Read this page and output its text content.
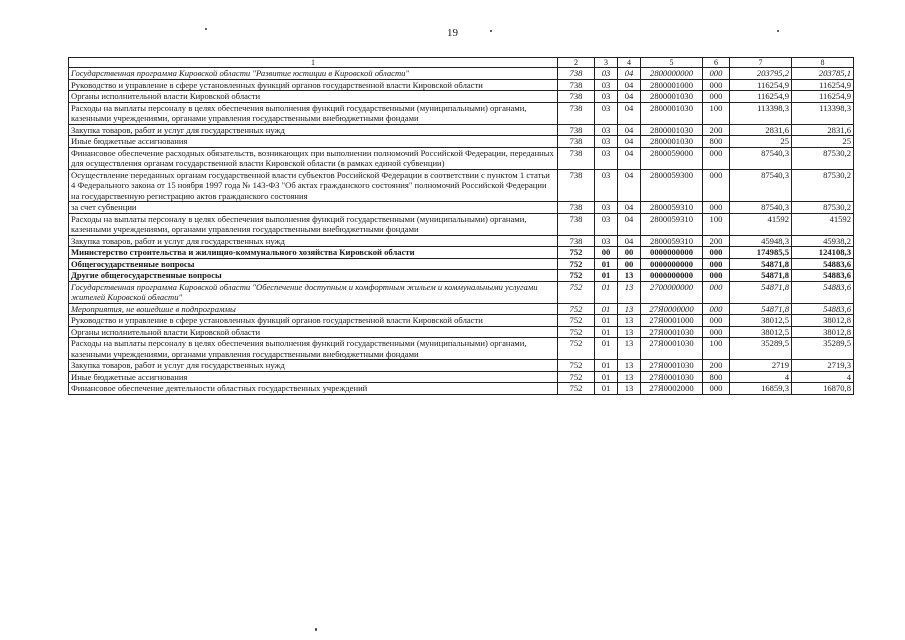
19
1	2	3	4	5	6	7	8
Государственная программа Кировской области "Развитие юстиции в Кировской области"	738	03	04	2800000000	000	203795,2	203785,1
Руководство и управление в сфере установленных функций органов государственной власти Кировской области	738	03	04	2800001000	000	116254,9	116254,9
Органы исполнительной власти Кировской области	738	03	04	2800001030	000	116254,9	116254,9
Расходы на выплаты персоналу в целях обеспечения выполнения функций государственными (муниципальными) органами, казенными учреждениями, органами управления государственными внебюджетными фондами	738	03	04	2800001030	100	113398,3	113398,3
Закупка товаров, работ и услуг для государственных нужд	738	03	04	2800001030	200	2831,6	2831,6
Иные бюджетные ассигнования	738	03	04	2800001030	800	25	25
Финансовое обеспечение расходных обязательств, возникающих при выполнении полномочий Российской Федерации, переданных для осуществления органам государственной власти Кировской области (в рамках единой субвенции)	738	03	04	2800059000	000	87540,3	87530,2
Осуществление переданных органам государственной власти субъектов Российской Федерации в соответствии с пунктом 1 статьи 4 Федерального закона от 15 ноября 1997 года № 143-ФЗ "Об актах гражданского состояния" полномочий Российской Федерации на государственную регистрацию актов гражданского состояния	738	03	04	2800059300	000	87540,3	87530,2
за счет субвенции	738	03	04	2800059310	000	87540,3	87530,2
Расходы на выплаты персоналу в целях обеспечения выполнения функций государственными (муниципальными) органами, казенными учреждениями, органами управления государственными внебюджетными фондами	738	03	04	2800059310	100	41592	41592
Закупка товаров, работ и услуг для государственных нужд	738	03	04	2800059310	200	45948,3	45938,2
Министерство строительства и жилищно-коммунального хозяйства Кировской области	752	00	00	0000000000	000	174985,5	124108,3
Общегосударственные вопросы	752	01	00	0000000000	000	54871,8	54883,6
Другие общегосударственные вопросы	752	01	13	0000000000	000	54871,8	54883,6
Государственная программа Кировской области "Обеспечение доступным и комфортным жильем и коммунальными услугами жителей Кировской области"	752	01	13	2700000000	000	54871,8	54883,6
Мероприятия, не вошедшие в подпрограммы	752	01	13	27Я0000000	000	54871,8	54883,6
Руководство и управление в сфере установленных функций органов государственной власти Кировской области	752	01	13	27Я0001000	000	38012,5	38012,8
Органы исполнительной власти Кировской области	752	01	13	27Я0001030	000	38012,5	38012,8
Расходы на выплаты персоналу в целях обеспечения выполнения функций государственными (муниципальными) органами, казенными учреждениями, органами управления государственными внебюджетными фондами	752	01	13	27Я0001030	100	35289,5	35289,5
Закупка товаров, работ и услуг для государственных нужд	752	01	13	27Я0001030	200	2719	2719,3
Иные бюджетные ассигнования	752	01	13	27Я0001030	800	4	4
Финансовое обеспечение деятельности областных государственных учреждений	752	01	13	27Я0002000	000	16859,3	16870,8
